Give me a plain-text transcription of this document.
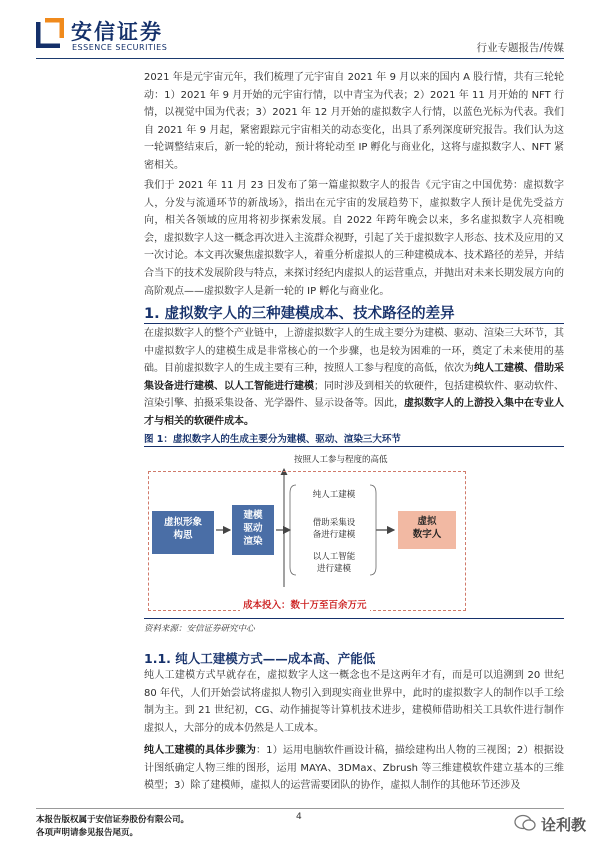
安信证券
ESSENCE SECURITIES	行业专题报告/传媒
2021 年是元宇宙元年，我们梳理了元宇宙自 2021 年 9 月以来的国内 A 股行情，共有三轮轮动：1）2021 年 9 月开始的元宇宙行情，以中青宝为代表；2）2021 年 11 月开始的 NFT 行情，以视觉中国为代表；3）2021 年 12 月开始的虚拟数字人行情，以蓝色光标为代表。我们自 2021 年 9 月起，紧密跟踪元宇宙相关的动态变化，出具了系列深度研究报告。我们认为这一轮调整结束后，新一轮的轮动，预计将轮动至 IP 孵化与商业化，这将与虚拟数字人、NFT 紧密相关。
我们于 2021 年 11 月 23 日发布了第一篇虚拟数字人的报告《元宇宙之中国优势：虚拟数字人，分发与流通环节的新战场》，指出在元宇宙的发展趋势下，虚拟数字人预计是优先受益方向，相关各领域的应用将初步探索发展。自 2022 年跨年晚会以来，多名虚拟数字人亮相晚会，虚拟数字人这一概念再次进入主流群众视野，引起了关于虚拟数字人形态、技术及应用的又一次讨论。本文再次聚焦虚拟数字人，着重分析虚拟人的三种建模成本、技术路径的差异，并结合当下的技术发展阶段与特点，来探讨经纪内虚拟人的运营重点，并抛出对未来长期发展方向的高阶观点——虚拟数字人是新一轮的 IP 孵化与商业化。
1. 虚拟数字人的三种建模成本、技术路径的差异
在虚拟数字人的整个产业链中，上游虚拟数字人的生成主要分为建模、驱动、渲染三大环节，其中虚拟数字人的建模生成是非常核心的一个步骤，也是较为困难的一环，奠定了未来使用的基础。目前虚拟数字人的生成主要有三种，按照人工参与程度的高低，依次为纯人工建模、借助采集设备进行建模、以人工智能进行建模；同时涉及到相关的软硬件，包括建模软件、驱动软件、渲染引擎、拍摄采集设备、光学器件、显示设备等。因此，虚拟数字人的上游投入集中在专业人才与相关的软硬件成本。
图 1：虚拟数字人的生成主要分为建模、驱动、渲染三大环节
按照人工参与程度的高低
虚拟形象
构思
建模
驱动
渲染
纯人工建模
借助采集设
备进行建模
以人工智能
进行建模
虚拟
数字人
成本投入：数十万至百余万元
资料来源：安信证券研究中心
1.1. 纯人工建模方式——成本高、产能低
纯人工建模方式早就存在，虚拟数字人这一概念也不是这两年才有，而是可以追溯到 20 世纪 80 年代，人们开始尝试将虚拟人物引入到现实商业世界中，此时的虚拟数字人的制作以手工绘制为主。到 21 世纪初，CG、动作捕捉等计算机技术进步，建模师借助相关工具软件进行制作虚拟人，大部分的成本仍然是人工成本。
纯人工建模的具体步骤为：1）运用电脑软件画设计稿，描绘建构出人物的三视图；2）根据设计图纸确定人物三维的图形，运用 MAYA、3DMax、Zbrush 等三维建模软件建立基本的三维模型；3）除了建模师，虚拟人的运营需要团队的协作，虚拟人制作的其他环节还涉及
本报告版权属于安信证券股份有限公司。
各项声明请参见报告尾页。
4	诠利教
